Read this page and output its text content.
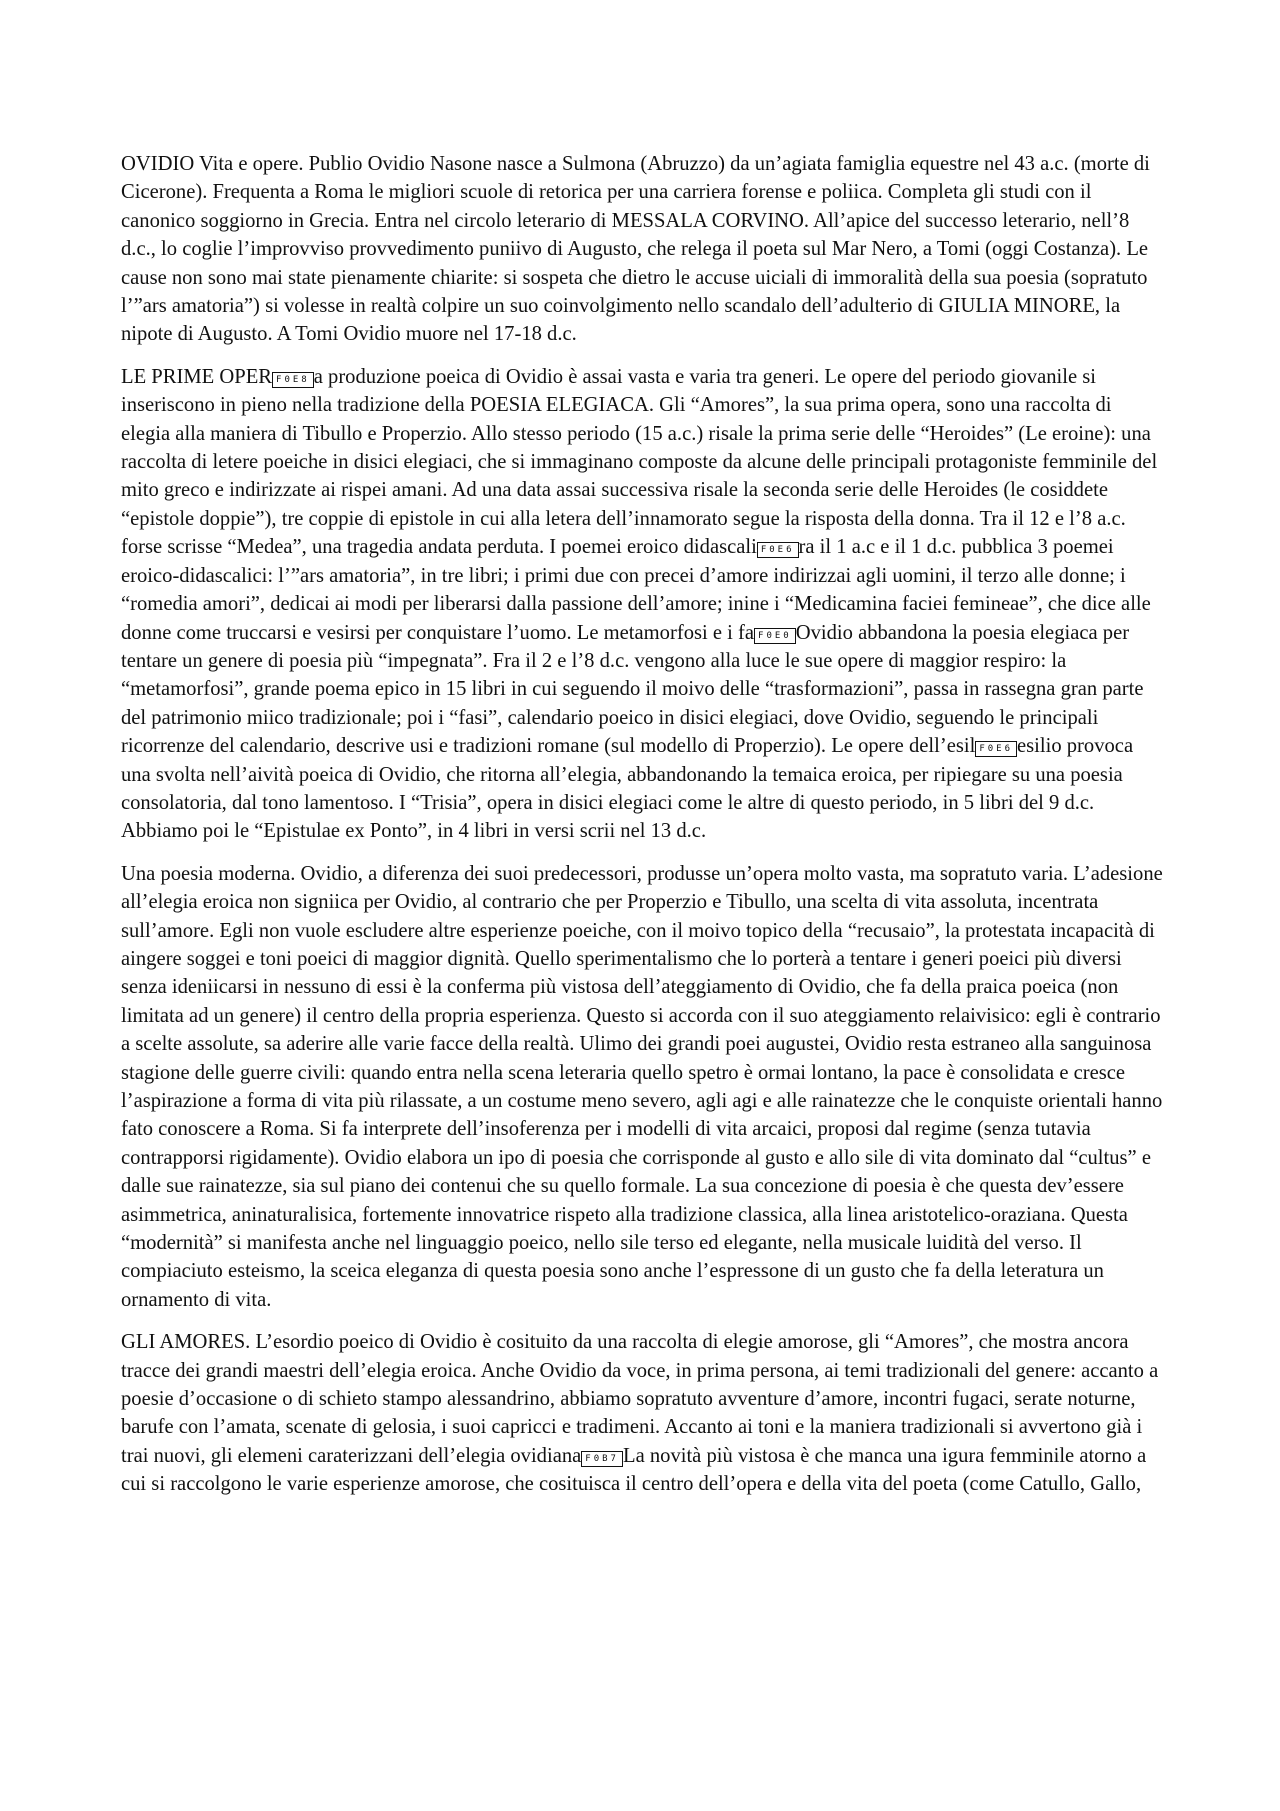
OVIDIO Vita e opere. Publio Ovidio Nasone nasce a Sulmona (Abruzzo) da un’agiata famiglia equestre nel 43 a.c. (morte di Cicerone). Frequenta a Roma le migliori scuole di retorica per una carriera forense e poliica. Completa gli studi con il canonico soggiorno in Grecia. Entra nel circolo leterario di MESSALA CORVINO. All’apice del successo leterario, nell’8 d.c., lo coglie l’improvviso provvedimento puniivo di Augusto, che relega il poeta sul Mar Nero, a Tomi (oggi Costanza). Le cause non sono mai state pienamente chiarite: si sospeta che dietro le accuse uiciali di immoralità della sua poesia (sopratuto l’”ars amatoria”) si volesse in realtà colpire un suo coinvolgimento nello scandalo dell’adulterio di GIULIA MINORE, la nipote di Augusto. A Tomi Ovidio muore nel 17-18 d.c.

LE PRIME OPER F0E8 a produzione poeica di Ovidio è assai vasta e varia tra generi. Le opere del periodo giovanile si inseriscono in pieno nella tradizione della POESIA ELEGIACA. Gli “Amores”, la sua prima opera, sono una raccolta di elegia alla maniera di Tibullo e Properzio. Allo stesso periodo (15 a.c.) risale la prima serie delle “Heroides” (Le eroine): una raccolta di letere poeiche in disici elegiaci, che si immaginano composte da alcune delle principali protagoniste femminile del mito greco e indirizzate ai rispei amani. Ad una data assai successiva risale la seconda serie delle Heroides (le cosiddete “epistole doppie”), tre coppie di epistole in cui alla letera dell’innamorato segue la risposta della donna. Tra il 12 e l’8 a.c. forse scrisse “Medea”, una tragedia andata perduta. I poemei eroico didascali F0E6 ra il 1 a.c e il 1 d.c. pubblica 3 poemei eroico-didascalici: l’”ars amatoria”, in tre libri; i primi due con precei d’amore indirizzai agli uomini, il terzo alle donne; i “romedia amori”, dedicai ai modi per liberarsi dalla passione dell’amore; inine i “Medicamina faciei femineae”, che dice alle donne come truccarsi e vesirsi per conquistare l’uomo. Le metamorfosi e i fa F0E0 Ovidio abbandona la poesia elegiaca per tentare un genere di poesia più “impegnata”. Fra il 2 e l’8 d.c. vengono alla luce le sue opere di maggior respiro: la “metamorfosi”, grande poema epico in 15 libri in cui seguendo il moivo delle “trasformazioni”, passa in rassegna gran parte del patrimonio miico tradizionale; poi i “fasi”, calendario poeico in disici elegiaci, dove Ovidio, seguendo le principali ricorrenze del calendario, descrive usi e tradizioni romane (sul modello di Properzio). Le opere dell’esil F0E6 esilio provoca una svolta nell’aività poeica di Ovidio, che ritorna all’elegia, abbandonando la temaica eroica, per ripiegare su una poesia consolatoria, dal tono lamentoso. I “Trisia”, opera in disici elegiaci come le altre di questo periodo, in 5 libri del 9 d.c. Abbiamo poi le “Epistulae ex Ponto”, in 4 libri in versi scrii nel 13 d.c.

Una poesia moderna. Ovidio, a diferenza dei suoi predecessori, produsse un’opera molto vasta, ma sopratuto varia. L’adesione all’elegia eroica non signiica per Ovidio, al contrario che per Properzio e Tibullo, una scelta di vita assoluta, incentrata sull’amore. Egli non vuole escludere altre esperienze poeiche, con il moivo topico della “recusaio”, la protestata incapacità di aingere soggei e toni poeici di maggior dignità. Quello sperimentalismo che lo porterà a tentare i generi poeici più diversi senza ideniicarsi in nessuno di essi è la conferma più vistosa dell’ateggiamento di Ovidio, che fa della praica poeica (non limitata ad un genere) il centro della propria esperienza. Questo si accorda con il suo ateggiamento relaivisico: egli è contrario a scelte assolute, sa aderire alle varie facce della realtà. Ulimo dei grandi poei augustei, Ovidio resta estraneo alla sanguinosa stagione delle guerre civili: quando entra nella scena leteraria quello spetro è ormai lontano, la pace è consolidata e cresce l’aspirazione a forma di vita più rilassate, a un costume meno severo, agli agi e alle rainatezze che le conquiste orientali hanno fato conoscere a Roma. Si fa interprete dell’insoferenza per i modelli di vita arcaici, proposi dal regime (senza tutavia contrapporsi rigidamente). Ovidio elabora un ipo di poesia che corrisponde al gusto e allo sile di vita dominato dal “cultus” e dalle sue rainatezze, sia sul piano dei contenui che su quello formale. La sua concezione di poesia è che questa dev’essere asimmetrica, aninaturalisica, fortemente innovatrice rispeto alla tradizione classica, alla linea aristotelico-oraziana. Questa “modernità” si manifesta anche nel linguaggio poeico, nello sile terso ed elegante, nella musicale luidità del verso. Il compiaciuto esteismo, la sceica eleganza di questa poesia sono anche l’espressone di un gusto che fa della leteratura un ornamento di vita.

GLI AMORES. L’esordio poeico di Ovidio è cosituito da una raccolta di elegie amorose, gli “Amores”, che mostra ancora tracce dei grandi maestri dell’elegia eroica. Anche Ovidio da voce, in prima persona, ai temi tradizionali del genere: accanto a poesie d’occasione o di schieto stampo alessandrino, abbiamo sopratuto avventure d’amore, incontri fugaci, serate noturne, barufe con l’amata, scenate di gelosia, i suoi capricci e tradimeni. Accanto ai toni e la maniera tradizionali si avvertono già i trai nuovi, gli elemeni caraterizzani dell’elegia ovidiana F0B7 La novità più vistosa è che manca una igura femminile atorno a cui si raccolgono le varie esperienze amorose, che cosituisca il centro dell’opera e della vita del poeta (come Catullo, Gallo,
